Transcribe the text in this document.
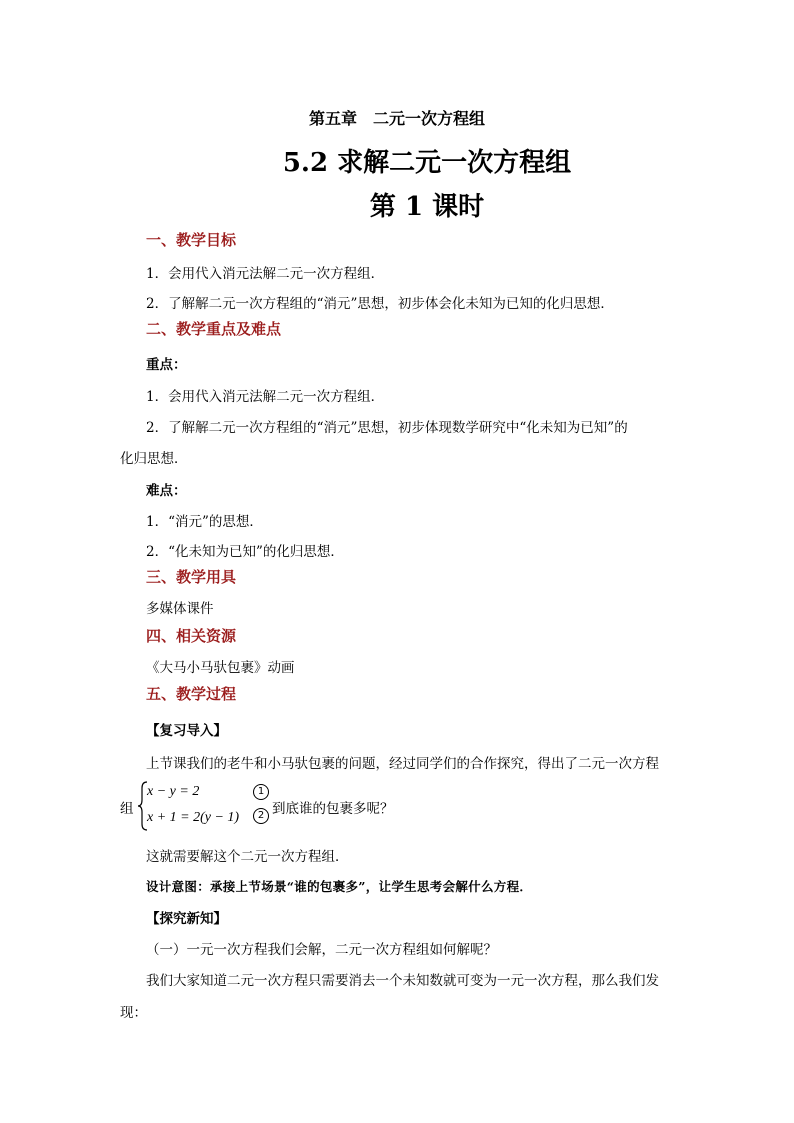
第五章　二元一次方程组
5.2 求解二元一次方程组
第 1 课时
一、教学目标
1．会用代入消元法解二元一次方程组．
2．了解解二元一次方程组的“消元”思想，初步体会化未知为已知的化归思想．
二、教学重点及难点
重点：
1．会用代入消元法解二元一次方程组．
2．了解解二元一次方程组的“消元”思想，初步体现数学研究中“化未知为已知”的
化归思想．
难点：
1．“消元”的思想．
2．“化未知为已知”的化归思想．
三、教学用具
多媒体课件
四、相关资源
《大马小马驮包裹》动画
五、教学过程
【复习导入】
上节课我们的老牛和小马驮包裹的问题，经过同学们的合作探究，得出了二元一次方程
组
x − y = 2
x + 1 = 2(y − 1)
1
2 到底谁的包裹多呢？
这就需要解这个二元一次方程组．
设计意图：承接上节场景“谁的包裹多”，让学生思考会解什么方程．
【探究新知】
（一）一元一次方程我们会解，二元一次方程组如何解呢？
我们大家知道二元一次方程只需要消去一个未知数就可变为一元一次方程，那么我们发
现：
